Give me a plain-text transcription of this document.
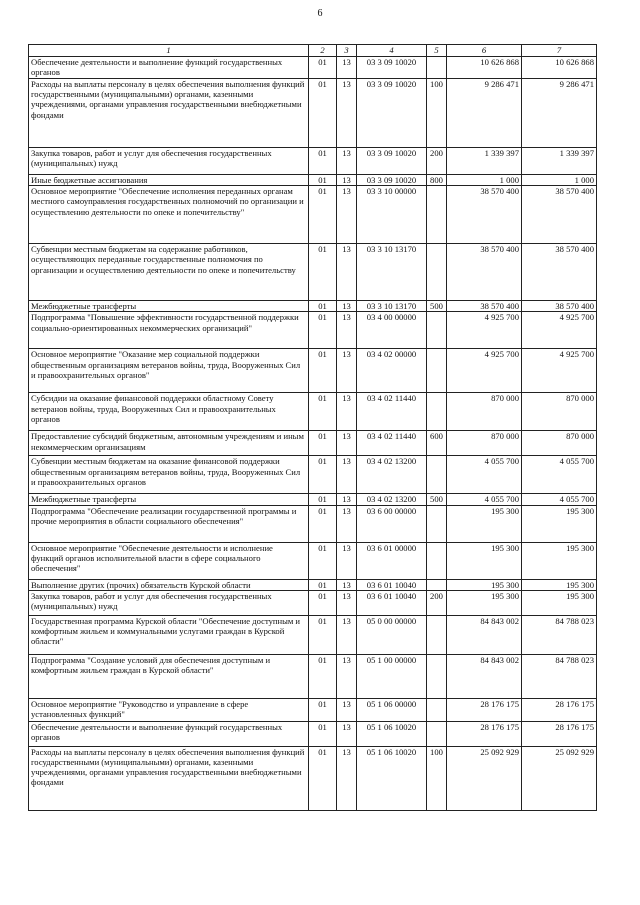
6
1	2	3	4	5	6	7
Обеспечение деятельности и выполнение функций государственных органов	01	13	03 3 09 10020		10 626 868	10 626 868
Расходы на выплаты персоналу в целях обеспечения выполнения функций государственными (муниципальными) органами, казенными учреждениями, органами управления государственными внебюджетными фондами	01	13	03 3 09 10020	100	9 286 471	9 286 471
Закупка товаров, работ и услуг для обеспечения государственных (муниципальных) нужд	01	13	03 3 09 10020	200	1 339 397	1 339 397
Иные бюджетные ассигнования	01	13	03 3 09 10020	800	1 000	1 000
Основное мероприятие "Обеспечение исполнения переданных органам местного самоуправления государственных полномочий по организации и осуществлению деятельности по опеке и попечительству"	01	13	03 3 10 00000		38 570 400	38 570 400
Субвенции местным бюджетам на содержание работников, осуществляющих переданные государственные полномочия по организации и осуществлению деятельности по опеке и попечительству	01	13	03 3 10 13170		38 570 400	38 570 400
Межбюджетные трансферты	01	13	03 3 10 13170	500	38 570 400	38 570 400
Подпрограмма "Повышение эффективности государственной поддержки социально-ориентированных некоммерческих организаций"	01	13	03 4 00 00000		4 925 700	4 925 700
Основное мероприятие "Оказание мер социальной поддержки общественным организациям ветеранов войны, труда, Вооруженных Сил и правоохранительных органов"	01	13	03 4 02 00000		4 925 700	4 925 700
Субсидии на оказание финансовой поддержки областному Совету ветеранов войны, труда, Вооруженных Сил и правоохранительных органов	01	13	03 4 02 11440		870 000	870 000
Предоставление субсидий бюджетным, автономным учреждениям и иным некоммерческим организациям	01	13	03 4 02 11440	600	870 000	870 000
Субвенции местным бюджетам на оказание финансовой поддержки общественным организациям ветеранов войны, труда, Вооруженных Сил и правоохранительных органов	01	13	03 4 02 13200		4 055 700	4 055 700
Межбюджетные трансферты	01	13	03 4 02 13200	500	4 055 700	4 055 700
Подпрограмма "Обеспечение реализации государственной программы и прочие мероприятия в области социального обеспечения"	01	13	03 6 00 00000		195 300	195 300
Основное мероприятие "Обеспечение деятельности и исполнение функций органов исполнительной власти в сфере социального обеспечения"	01	13	03 6 01 00000		195 300	195 300
Выполнение других (прочих) обязательств Курской области	01	13	03 6 01 10040		195 300	195 300
Закупка товаров, работ и услуг для обеспечения государственных (муниципальных) нужд	01	13	03 6 01 10040	200	195 300	195 300
Государственная программа Курской области "Обеспечение доступным и комфортным жильем и коммунальными услугами граждан в Курской области"	01	13	05 0 00 00000		84 843 002	84 788 023
Подпрограмма "Создание условий для обеспечения доступным и комфортным жильем граждан в Курской области"	01	13	05 1 00 00000		84 843 002	84 788 023
Основное мероприятие "Руководство и управление в сфере установленных функций"	01	13	05 1 06 00000		28 176 175	28 176 175
Обеспечение деятельности и выполнение функций государственных органов	01	13	05 1 06 10020		28 176 175	28 176 175
Расходы на выплаты персоналу в целях обеспечения выполнения функций государственными (муниципальными) органами, казенными учреждениями, органами управления государственными внебюджетными фондами	01	13	05 1 06 10020	100	25 092 929	25 092 929
